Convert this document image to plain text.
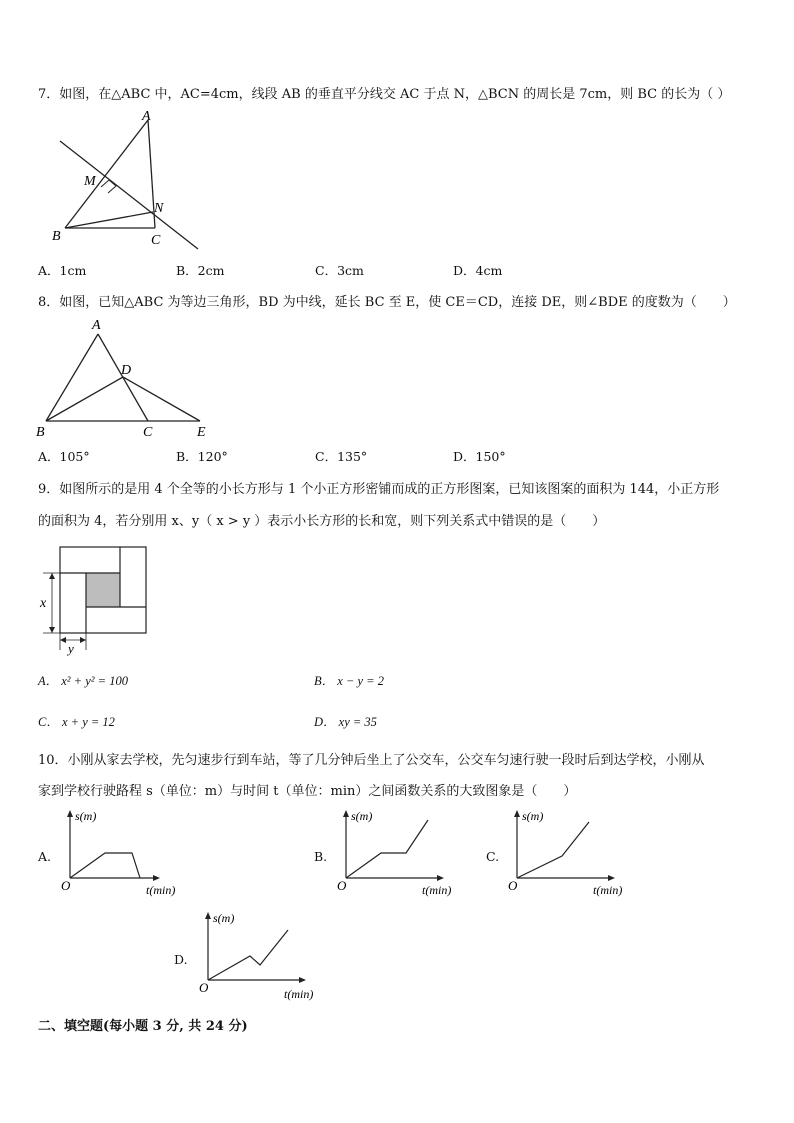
7．如图，在△ABC 中，AC=4cm，线段 AB 的垂直平分线交 AC 于点 N，△BCN 的周长是 7cm，则 BC 的长为（ ）
A
M
N
B	C
A．1cm	B．2cm	C．3cm	D．4cm
8．如图，已知△ABC 为等边三角形，BD 为中线，延长 BC 至 E，使 CE＝CD，连接 DE，则∠BDE 的度数为（　　）
A
D
B	C	E
A．105°	B．120°	C．135°	D．150°
9．如图所示的是用 4 个全等的小长方形与 1 个小正方形密铺而成的正方形图案，已知该图案的面积为 144，小正方形
的面积为 4，若分别用 x、y（ x > y ）表示小长方形的长和宽，则下列关系式中错误的是（　　）
x
y
A． x² + y² = 100	B． x − y = 2
C． x + y = 12	D． xy = 35
10．小刚从家去学校，先匀速步行到车站，等了几分钟后坐上了公交车，公交车匀速行驶一段时后到达学校，小刚从
家到学校行驶路程 s（单位：m）与时间 t（单位：min）之间函数关系的大致图象是（　　）
A.
s(m)
O	t(min)
B.
s(m)
O	t(min)
C.
s(m)
O	t(min)
D.
s(m)
O	t(min)
二、填空题(每小题 3 分, 共 24 分)
